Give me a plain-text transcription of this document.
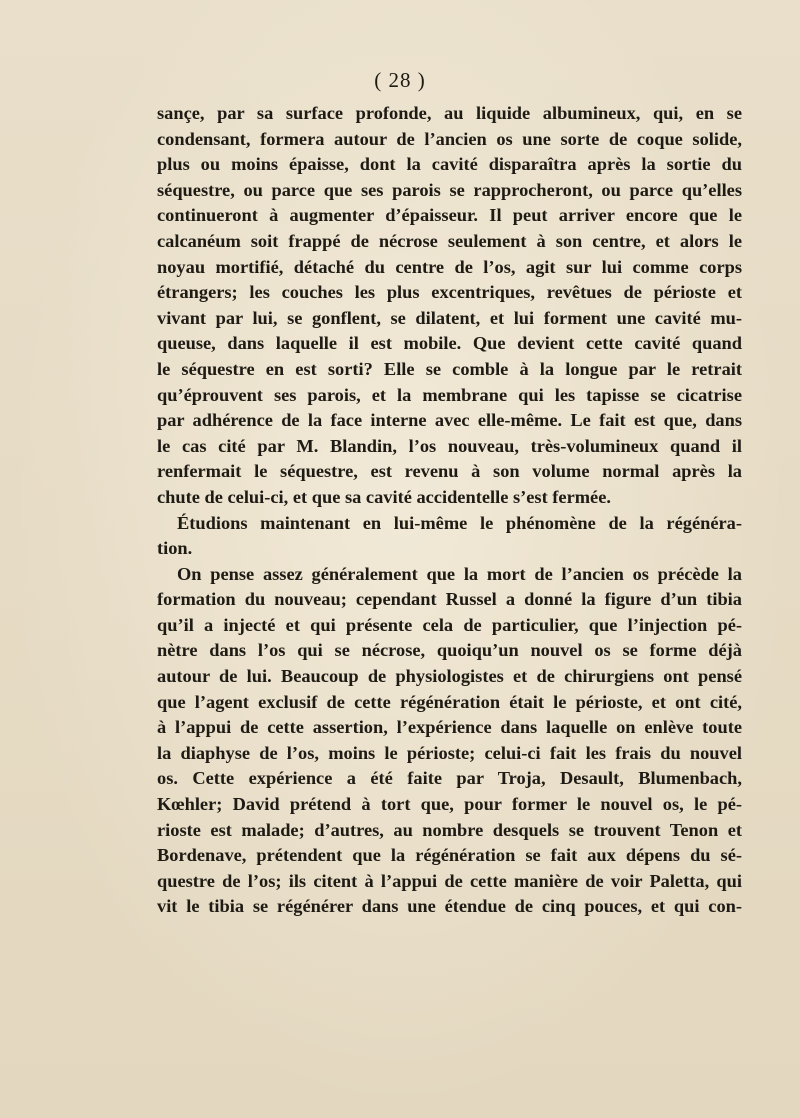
( 28 )
sançe, par sa surface profonde, au liquide albumineux, qui, en se
condensant, formera autour de l’ancien os une sorte de coque solide,
plus ou moins épaisse, dont la cavité disparaîtra après la sortie du
séquestre, ou parce que ses parois se rapprocheront, ou parce qu’elles
continueront à augmenter d’épaisseur. Il peut arriver encore que le
calcanéum soit frappé de nécrose seulement à son centre, et alors le
noyau mortifié, détaché du centre de l’os, agit sur lui comme corps
étrangers; les couches les plus excentriques, revêtues de périoste et
vivant par lui, se gonflent, se dilatent, et lui forment une cavité mu-
queuse, dans laquelle il est mobile. Que devient cette cavité quand
le séquestre en est sorti? Elle se comble à la longue par le retrait
qu’éprouvent ses parois, et la membrane qui les tapisse se cicatrise
par adhérence de la face interne avec elle-même. Le fait est que, dans
le cas cité par M. Blandin, l’os nouveau, très-volumineux quand il
renfermait le séquestre, est revenu à son volume normal après la
chute de celui-ci, et que sa cavité accidentelle s’est fermée.
Étudions maintenant en lui-même le phénomène de la régénéra-
tion.
On pense assez généralement que la mort de l’ancien os précède la
formation du nouveau; cependant Russel a donné la figure d’un tibia
qu’il a injecté et qui présente cela de particulier, que l’injection pé-
nètre dans l’os qui se nécrose, quoiqu’un nouvel os se forme déjà
autour de lui. Beaucoup de physiologistes et de chirurgiens ont pensé
que l’agent exclusif de cette régénération était le périoste, et ont cité,
à l’appui de cette assertion, l’expérience dans laquelle on enlève toute
la diaphyse de l’os, moins le périoste; celui-ci fait les frais du nouvel
os. Cette expérience a été faite par Troja, Desault, Blumenbach,
Kœhler; David prétend à tort que, pour former le nouvel os, le pé-
rioste est malade; d’autres, au nombre desquels se trouvent Tenon et
Bordenave, prétendent que la régénération se fait aux dépens du sé-
questre de l’os; ils citent à l’appui de cette manière de voir Paletta, qui
vit le tibia se régénérer dans une étendue de cinq pouces, et qui con-
